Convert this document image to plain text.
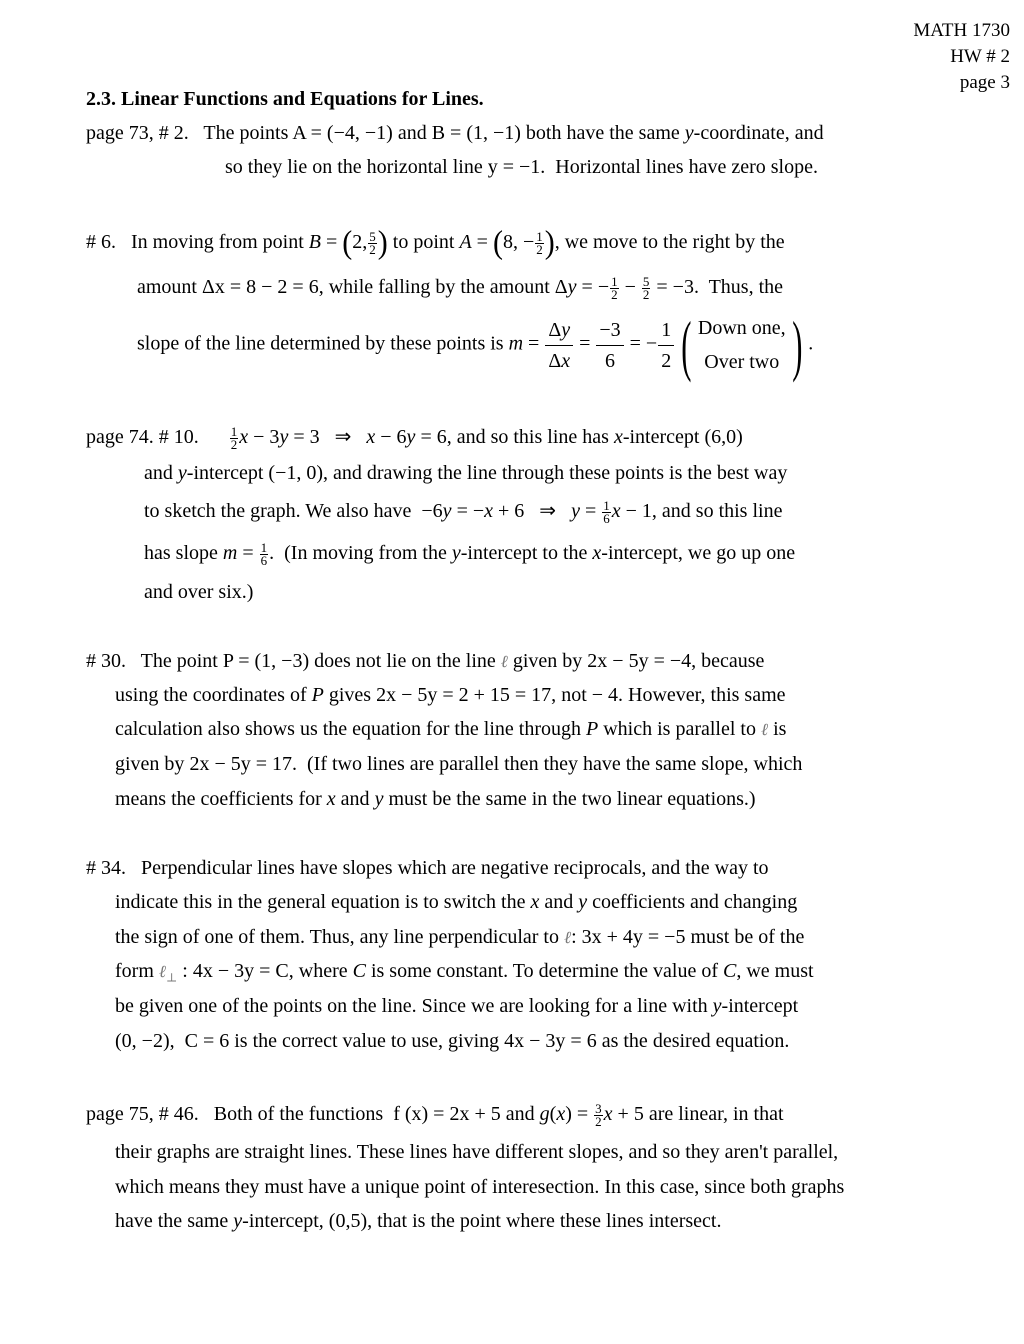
MATH 1730
HW # 2
page 3
2.3. Linear Functions and Equations for Lines.
page 73, # 2. The points A = (−4, −1) and B = (1, −1) both have the same y-coordinate, and
so they lie on the horizontal line y = −1. Horizontal lines have zero slope.
# 6. In moving from point B = (2, $\frac{5}{2}$ ) to point A = (8, − $\frac{1}{2}$ ), we move to the right by the
amount Δx = 8 − 2 = 6, while falling by the amount Δy = − $\frac{1}{2} - \frac{5}{2} = -3$.  Thus, the
slope of the line determined by these points is $m = \frac{\Delta y}{\Delta x} = \frac{-3}{6}$ = − $\frac{1}{2}$ ( Down one,
Over two ) .
page 74. # 10. $\frac{1}{2}$ x − 3y = 3   ⇒   x − 6y = 6, and so this line has x-intercept (6,0)
and y-intercept (−1, 0), and drawing the line through these points is the best way
to sketch the graph. We also have  −6y = −x + 6   ⇒   $y = \frac{1}{6}$ x − 1, and so this line
has slope $m = \frac{1}{6}$ .  (In moving from the y-intercept to the x-intercept, we go up one
and over six.)
# 30. The point P = (1, −3) does not lie on the line ℓ given by 2x − 5y = −4, because
using the coordinates of P gives 2x − 5y = 2 + 15 = 17, not − 4. However, this same
calculation also shows us the equation for the line through P which is parallel to ℓ is
given by 2x − 5y = 17. (If two lines are parallel then they have the same slope, which
means the coefficients for x and y must be the same in the two linear equations.)
# 34. Perpendicular lines have slopes which are negative reciprocals, and the way to
indicate this in the general equation is to switch the x and y coefficients and changing
the sign of one of them. Thus, any line perpendicular to ℓ: 3x + 4y = −5 must be of the
form ℓ$_\perp$ : 4x − 3y = C, where C is some constant. To determine the value of C, we must
be given one of the points on the line. Since we are looking for a line with y-intercept
(0, −2), C = 6 is the correct value to use, giving 4x − 3y = 6 as the desired equation.
page 75, # 46. Both of the functions f (x) = 2x + 5 and $g(x) = \frac{3}{2}$ x + 5 are linear, in that
their graphs are straight lines. These lines have different slopes, and so they aren't parallel,
which means they must have a unique point of interesection. In this case, since both graphs
have the same y-intercept, (0,5), that is the point where these lines intersect.
